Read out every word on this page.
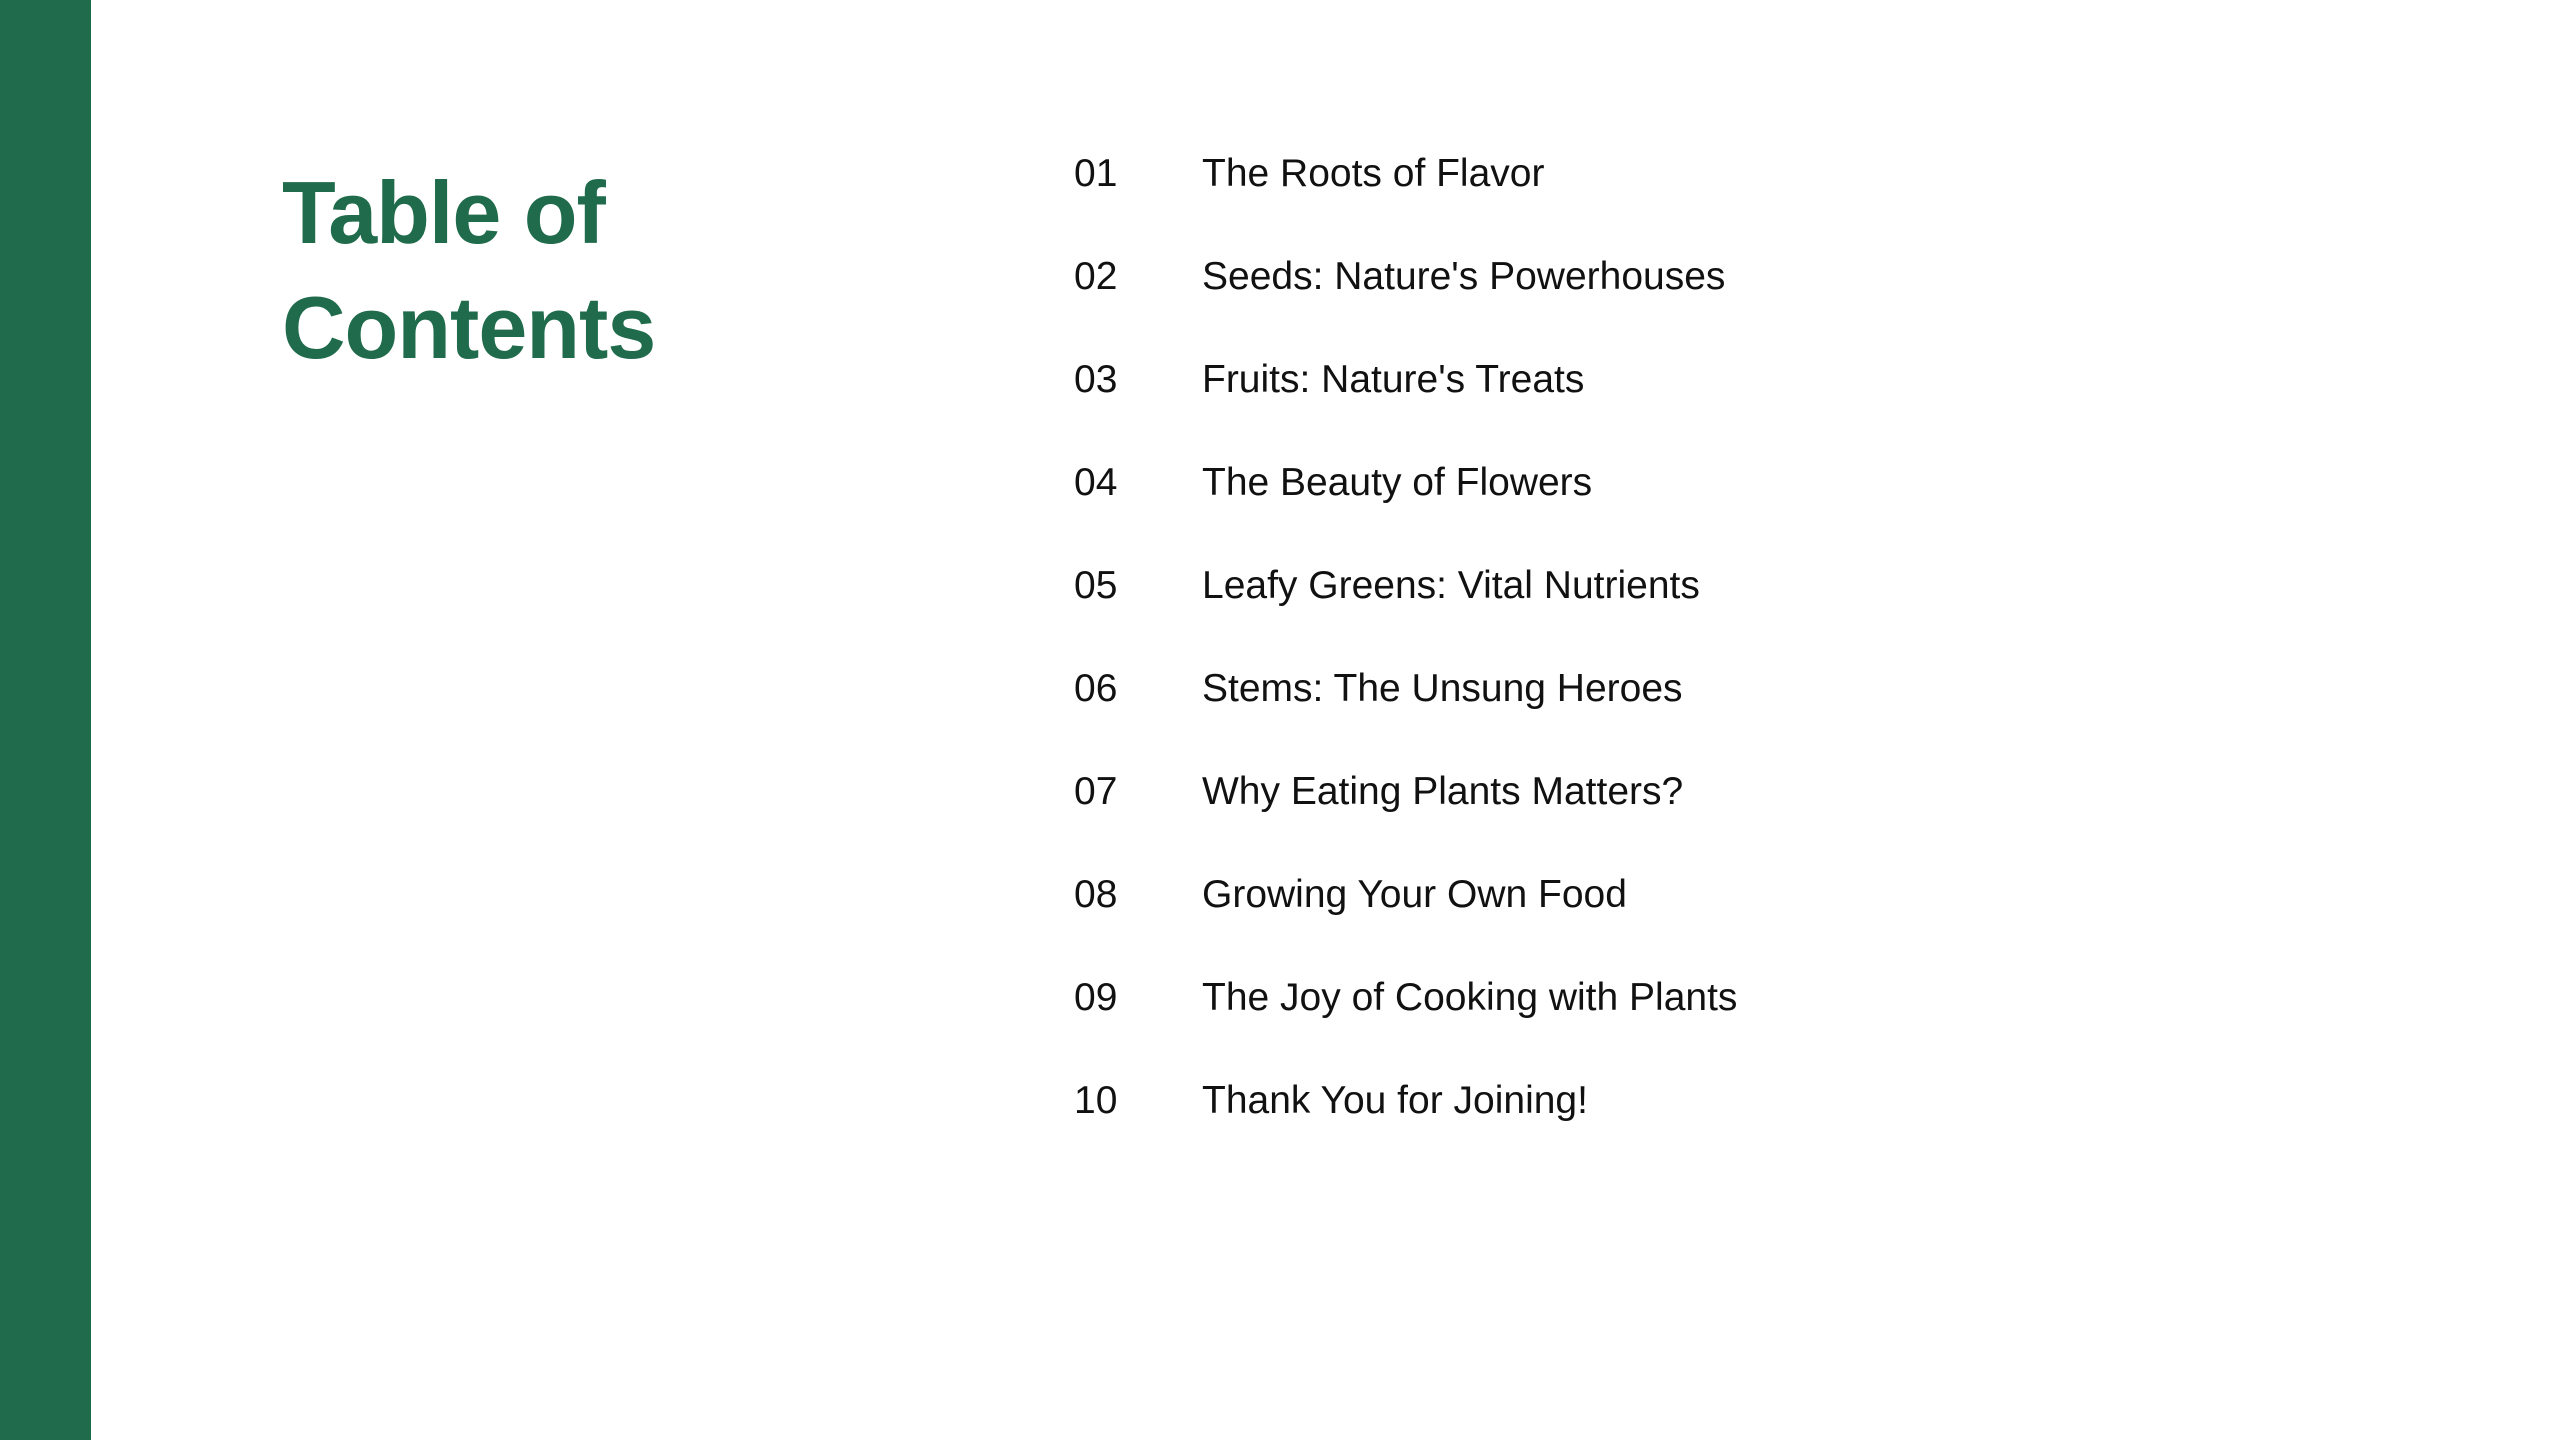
Table of
Contents
01	The Roots of Flavor
02	Seeds: Nature's Powerhouses
03	Fruits: Nature's Treats
04	The Beauty of Flowers
05	Leafy Greens: Vital Nutrients
06	Stems: The Unsung Heroes
07	Why Eating Plants Matters?
08	Growing Your Own Food
09	The Joy of Cooking with Plants
10	Thank You for Joining!
